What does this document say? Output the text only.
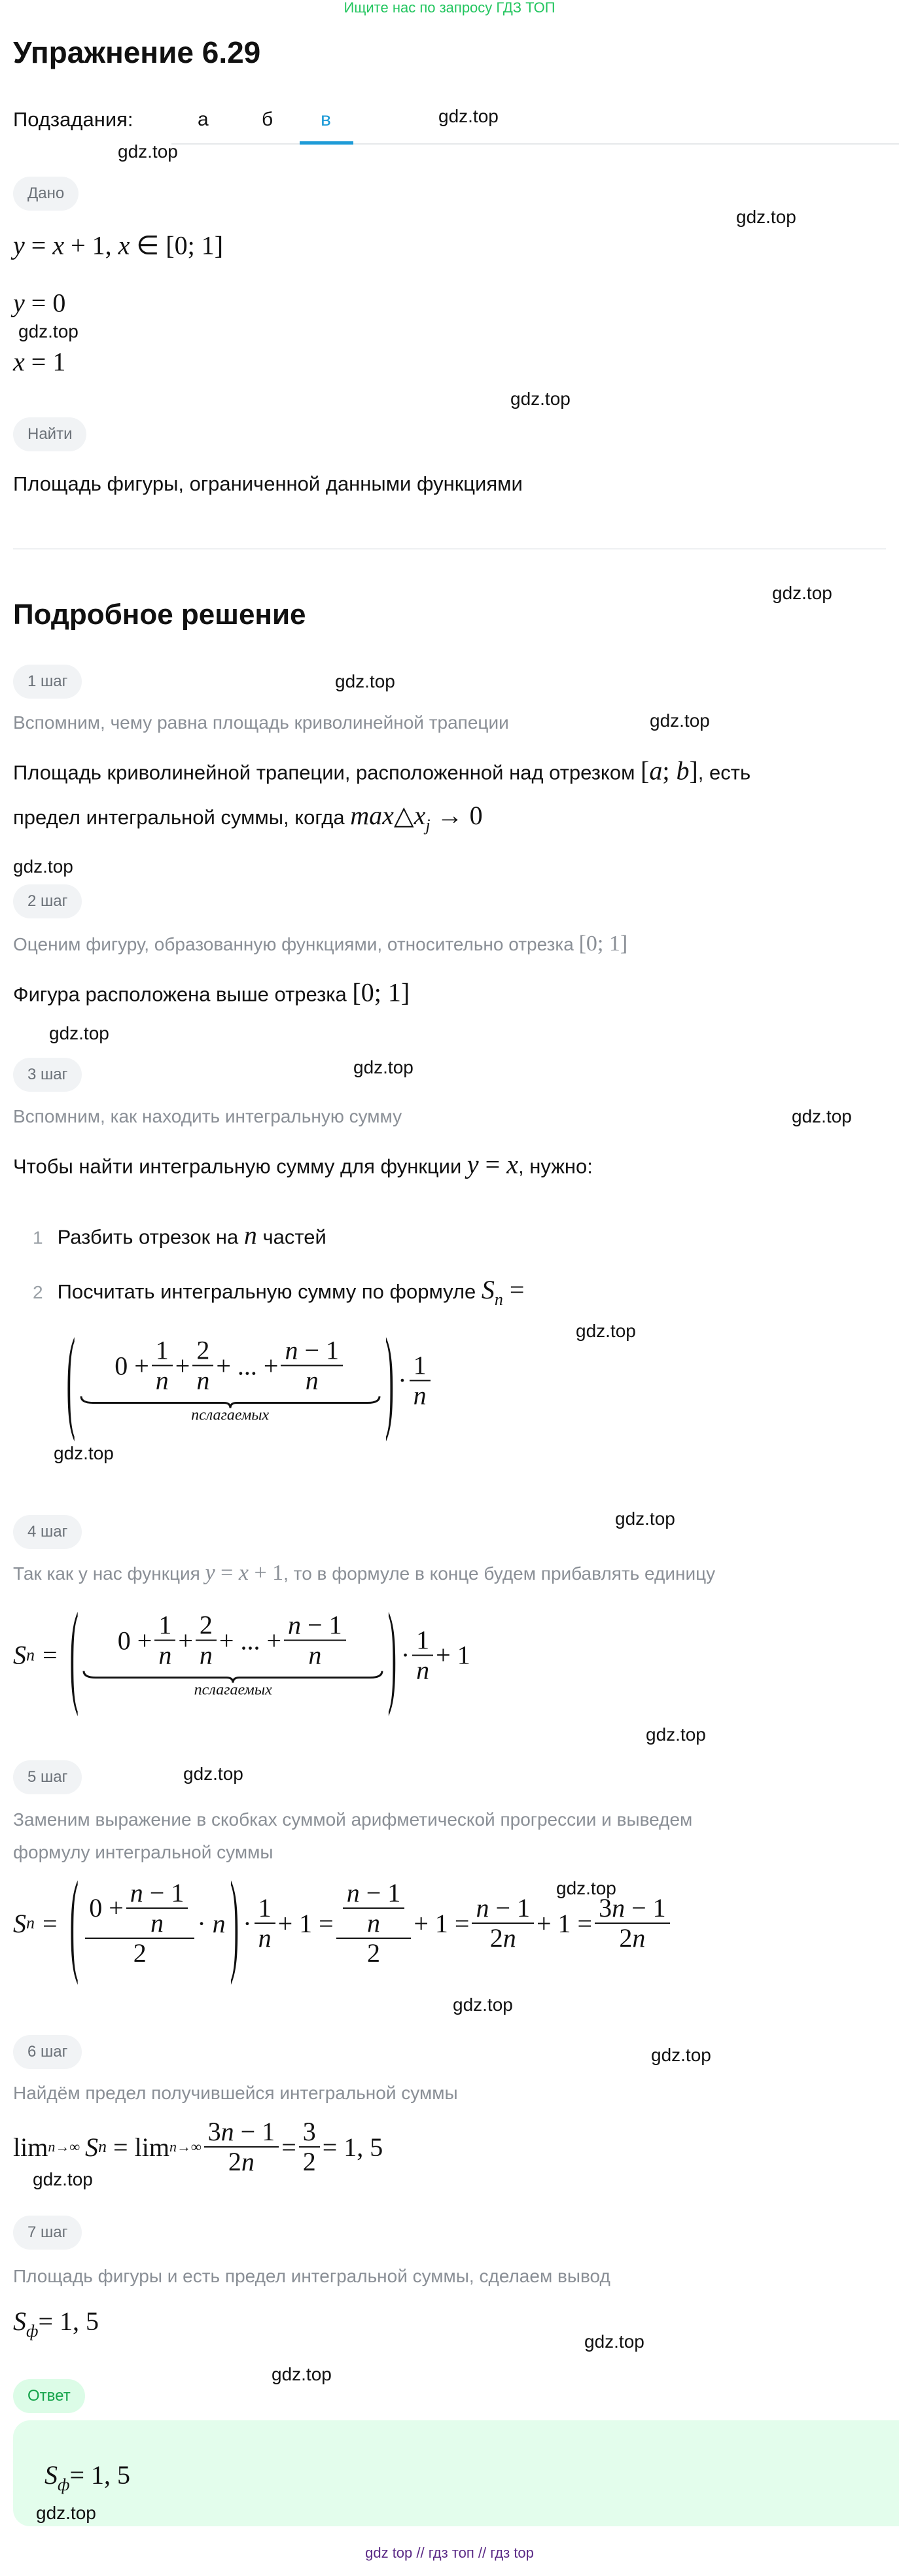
Ищите нас по запросу ГДЗ ТОП
Упражнение 6.29
Подзадания:	а	б в
Дано
y = x + 1, x ∈ [0; 1]
y = 0
x = 1
Найти
Площадь фигуры, ограниченной данными функциями
Подробное решение
1 шаг
Вспомним, чему равна площадь криволинейной трапеции
Площадь криволинейной трапеции, расположенной над отрезком [a; b], есть
предел интегральной суммы, когда $\max\triangle x_j \to 0$
2 шаг
Оценим фигуру, образованную функциями, относительно отрезка [0; 1]
Фигура расположена выше отрезка [0; 1]
3 шаг
Вспомним, как находить интегральную сумму
Чтобы найти интегральную сумму для функции y = x, нужно:
1 Разбить отрезок на n частей
2 Посчитать интегральную сумму по формуле $S_n$ =
( $0 + \frac{1}{n} + \frac{2}{n}$ + ... + $\frac{n - 1}{n}$
nслагаемых ) · $\frac{1}{n}$
4 шаг
Так как у нас функция y = x + 1, то в формуле в конце будем прибавлять единицу
S n = ( $0 + \frac{1}{n} + \frac{2}{n}$ + ... + $\frac{n - 1}{n}$
nслагаемых ) · $\frac{1}{n} + 1$
5 шаг
Заменим выражение в скобках суммой арифметической прогрессии и выведем
формулу интегральной суммы
S n = ( $\frac{0 + \frac{n - 1}{n}}{2} \cdot n$ ) · $\frac{1}{n} + 1 = \frac{\frac{n - 1}{n}}{2} + 1 = \frac{n - 1}{2n} + 1 = \frac{3n - 1}{2n}$
6 шаг
Найдём предел получившейся интегральной суммы
lim n→∞ S $n = \lim n\to\infty \frac{3n - 1}{2n} = \frac{3}{2} = 1$, 5
7 шаг
Площадь фигуры и есть предел интегральной суммы, сделаем вывод
$S_ф= 1$, 5
Ответ
$S_ф= 1$, 5
gdz top // гдз топ // гдз top
gdz.top
gdz.top
gdz.top
gdz.top
gdz.top
gdz.top
gdz.top
gdz.top
gdz.top
gdz.top
gdz.top
gdz.top
gdz.top
gdz.top
gdz.top
gdz.top
gdz.top
gdz.top
gdz.top
gdz.top
gdz.top
gdz.top
gdz.top
gdz.top
